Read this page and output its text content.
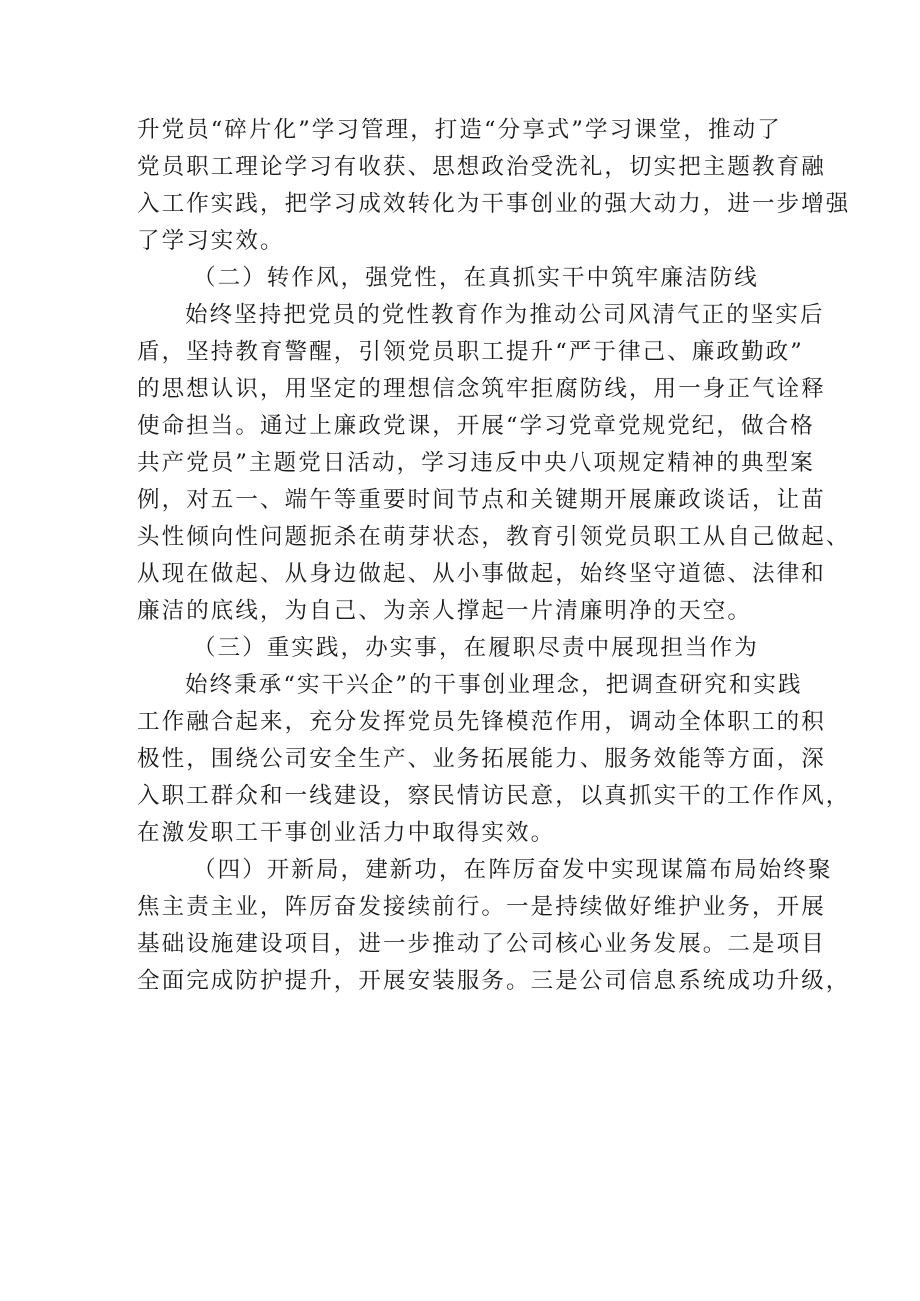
升党员“碎片化”学习管理，打造“分享式”学习课堂，推动了
党员职工理论学习有收获、思想政治受洗礼，切实把主题教育融
入工作实践，把学习成效转化为干事创业的强大动力，进一步增强
了学习实效。
（二）转作风，强党性，在真抓实干中筑牢廉洁防线
始终坚持把党员的党性教育作为推动公司风清气正的坚实后
盾，坚持教育警醒，引领党员职工提升“严于律己、廉政勤政”
的思想认识，用坚定的理想信念筑牢拒腐防线，用一身正气诠释
使命担当。通过上廉政党课，开展“学习党章党规党纪，做合格
共产党员”主题党日活动，学习违反中央八项规定精神的典型案
例，对五一、端午等重要时间节点和关键期开展廉政谈话，让苗
头性倾向性问题扼杀在萌芽状态，教育引领党员职工从自己做起、
从现在做起、从身边做起、从小事做起，始终坚守道德、法律和
廉洁的底线，为自己、为亲人撑起一片清廉明净的天空。
（三）重实践，办实事，在履职尽责中展现担当作为
始终秉承“实干兴企”的干事创业理念，把调查研究和实践
工作融合起来，充分发挥党员先锋模范作用，调动全体职工的积
极性，围绕公司安全生产、业务拓展能力、服务效能等方面，深
入职工群众和一线建设，察民情访民意，以真抓实干的工作作风，
在激发职工干事创业活力中取得实效。
（四）开新局，建新功，在阵厉奋发中实现谋篇布局始终聚
焦主责主业，阵厉奋发接续前行。一是持续做好维护业务，开展
基础设施建设项目，进一步推动了公司核心业务发展。二是项目
全面完成防护提升，开展安装服务。三是公司信息系统成功升级，
